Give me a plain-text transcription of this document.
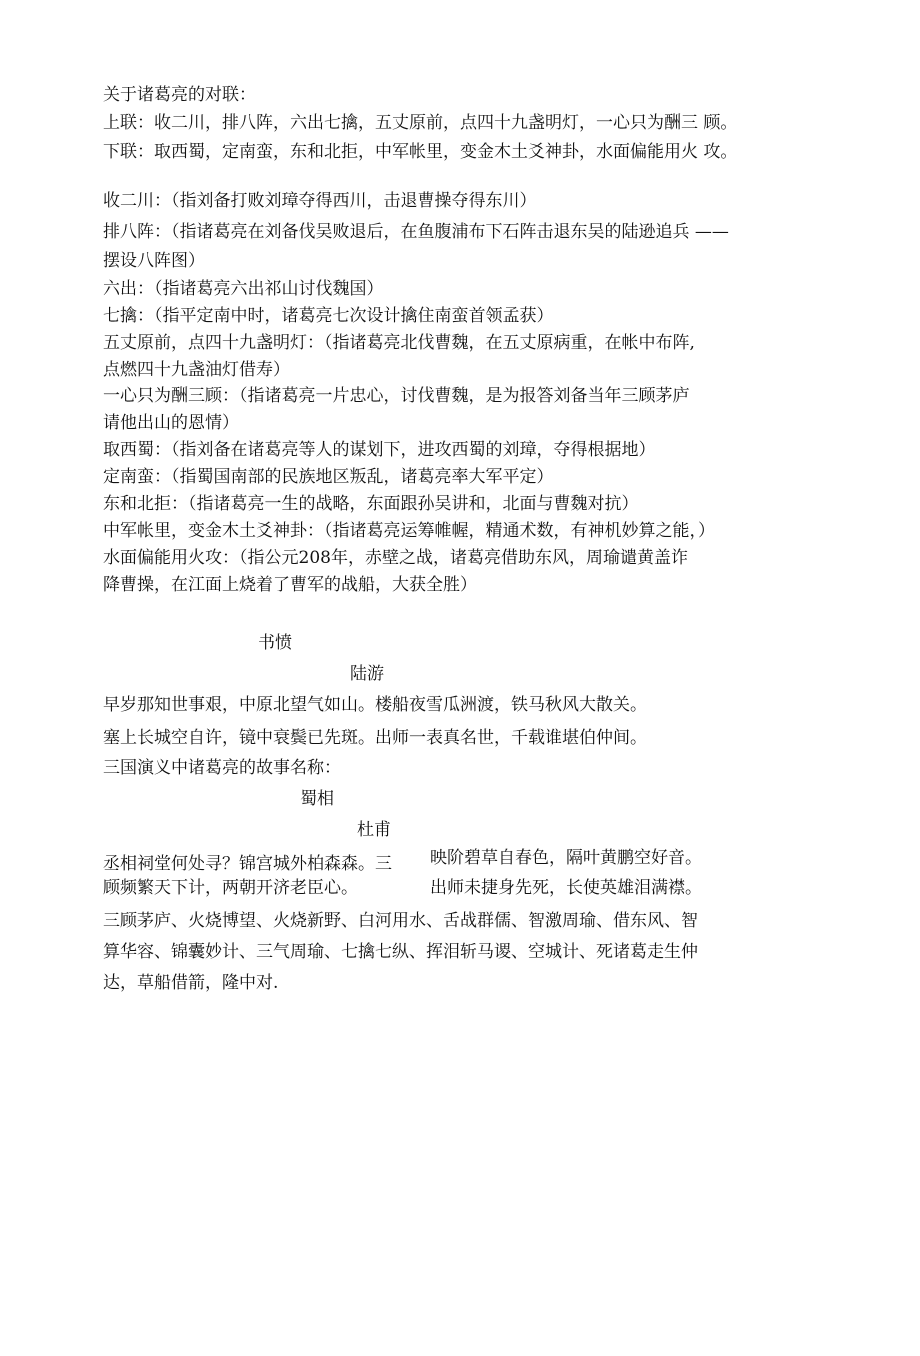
关于诸葛亮的对联：
上联：收二川，排八阵，六出七擒，五丈原前，点四十九盏明灯，一心只为酬三 顾。
下联：取西蜀，定南蛮，东和北拒，中军帐里，变金木土爻神卦，水面偏能用火 攻。
收二川：（指刘备打败刘璋夺得西川，击退曹操夺得东川）
排八阵：（指诸葛亮在刘备伐吴败退后，在鱼腹浦布下石阵击退东吴的陆逊追兵 ——
摆设八阵图）
六出：（指诸葛亮六出祁山讨伐魏国）
七擒：（指平定南中时，诸葛亮七次设计擒住南蛮首领孟获）
五丈原前，点四十九盏明灯：（指诸葛亮北伐曹魏，在五丈原病重，在帐中布阵,
点燃四十九盏油灯借寿）
一心只为酬三顾：（指诸葛亮一片忠心，讨伐曹魏，是为报答刘备当年三顾茅庐
请他出山的恩情）
取西蜀：（指刘备在诸葛亮等人的谋划下，进攻西蜀的刘璋，夺得根据地）
定南蛮：（指蜀国南部的民族地区叛乱，诸葛亮率大军平定）
东和北拒：（指诸葛亮一生的战略，东面跟孙吴讲和，北面与曹魏对抗）
中军帐里，变金木土爻神卦：（指诸葛亮运筹帷幄，精通术数，有神机妙算之能，）
水面偏能用火攻：（指公元208年，赤壁之战，诸葛亮借助东风，周瑜谴黄盖诈
降曹操，在江面上烧着了曹军的战船，大获全胜）
书愤
陆游
早岁那知世事艰，中原北望气如山。楼船夜雪瓜洲渡，铁马秋风大散关。
塞上长城空自许，镜中衰鬓已先斑。出师一表真名世，千载谁堪伯仲间。
三国演义中诸葛亮的故事名称：
蜀相
杜甫
丞相祠堂何处寻？锦宫城外柏森森。三
顾频繁天下计，两朝开济老臣心。
映阶碧草自春色，隔叶黄鹏空好音。
出师未捷身先死，长使英雄泪满襟。
三顾茅庐、火烧博望、火烧新野、白河用水、舌战群儒、智激周瑜、借东风、智
算华容、锦囊妙计、三气周瑜、七擒七纵、挥泪斩马谡、空城计、死诸葛走生仲
达，草船借箭，隆中对.
